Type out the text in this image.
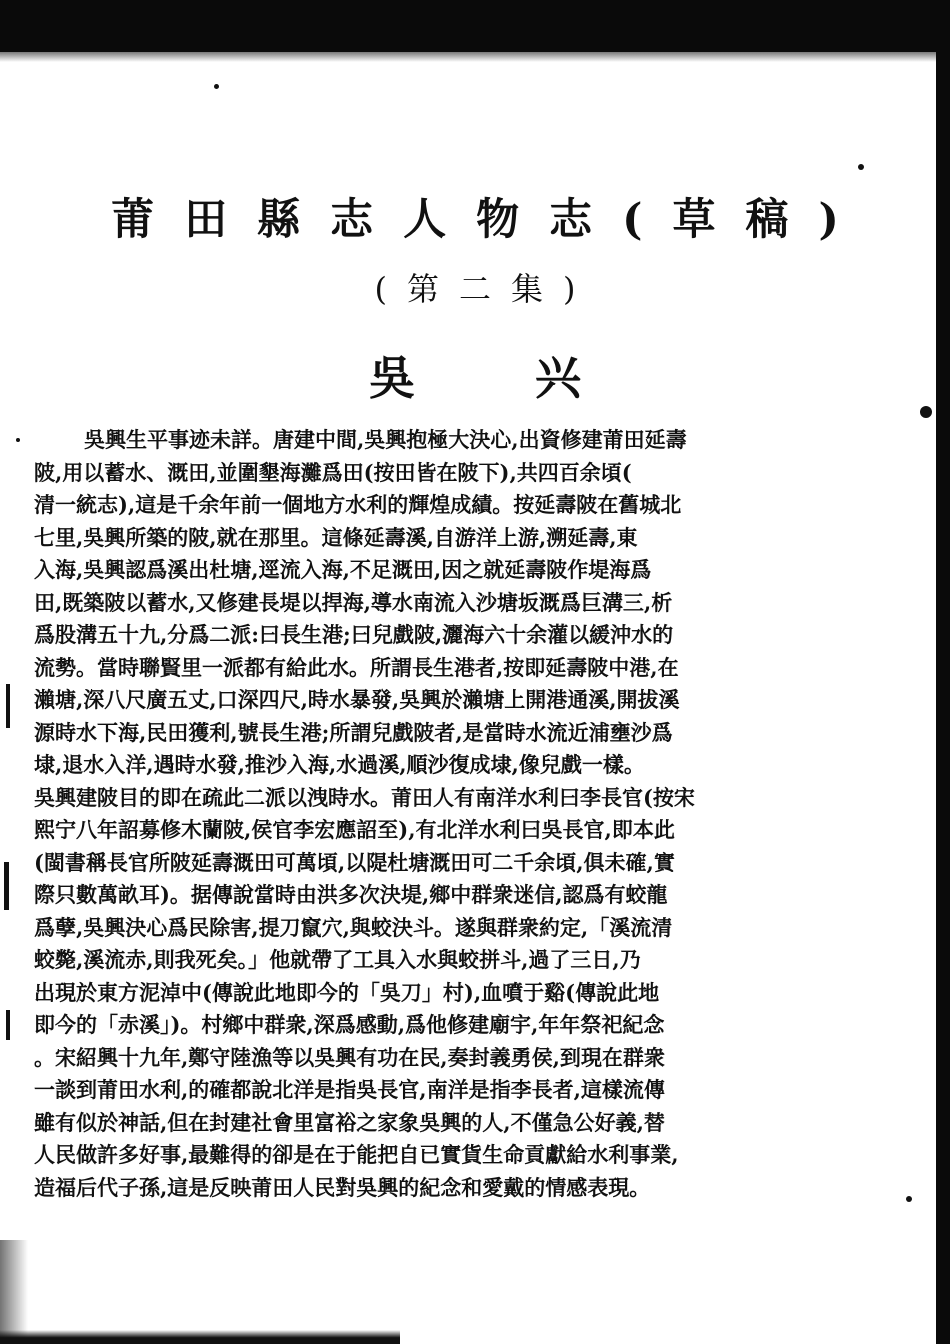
莆田縣志人物志(草稿)
(第二集)
吳兴
吳興生平事迹未詳。唐建中間,吳興抱極大決心,出資修建莆田延壽
陂,用以蓄水、溉田,並圍墾海灘爲田(按田皆在陂下),共四百余頃(
清一統志),這是千余年前一個地方水利的輝煌成績。按延壽陂在舊城北
七里,吳興所築的陂,就在那里。這條延壽溪,自游洋上游,溯延壽,東
入海,吳興認爲溪出杜塘,逕流入海,不足溉田,因之就延壽陂作堤海爲
田,既築陂以蓄水,又修建長堤以捍海,導水南流入沙塘坂溉爲巨溝三,析
爲股溝五十九,分爲二派:曰長生港;曰兒戲陂,灑海六十余灌以緩沖水的
流勢。當時聯賢里一派都有給此水。所謂長生港者,按即延壽陂中港,在
瀨塘,深八尺廣五丈,口深四尺,時水暴發,吳興於瀨塘上開港通溪,開拔溪
源時水下海,民田獲利,號長生港;所謂兒戲陂者,是當時水流近浦壅沙爲
埭,退水入洋,遇時水發,推沙入海,水過溪,順沙復成埭,像兒戲一樣。
吳興建陂目的即在疏此二派以洩時水。莆田人有南洋水利曰李長官(按宋
熙宁八年詔募修木蘭陂,侯官李宏應詔至),有北洋水利曰吳長官,即本此
(閩書稱長官所陂延壽溉田可萬頃,以隄杜塘溉田可二千余頃,俱未確,實
際只數萬畝耳)。据傳說當時由洪多次決堤,鄉中群衆迷信,認爲有蛟龍
爲孽,吳興決心爲民除害,提刀竄穴,與蛟決斗。遂與群衆約定,「溪流清
蛟斃,溪流赤,則我死矣。」他就帶了工具入水與蛟拼斗,過了三日,乃
出現於東方泥淖中(傳說此地即今的「吳刀」村),血噴于谿(傳說此地
即今的「赤溪」)。村鄉中群衆,深爲感動,爲他修建廟宇,年年祭祀紀念
。宋紹興十九年,鄭守陸漁等以吳興有功在民,奏封義勇侯,到現在群衆
一談到莆田水利,的確都說北洋是指吳長官,南洋是指李長者,這樣流傳
雖有似於神話,但在封建社會里富裕之家象吳興的人,不僅急公好義,替
人民做許多好事,最難得的卻是在于能把自已實貨生命貢獻給水利事業,
造福后代子孫,這是反映莆田人民對吳興的紀念和愛戴的情感表現。
